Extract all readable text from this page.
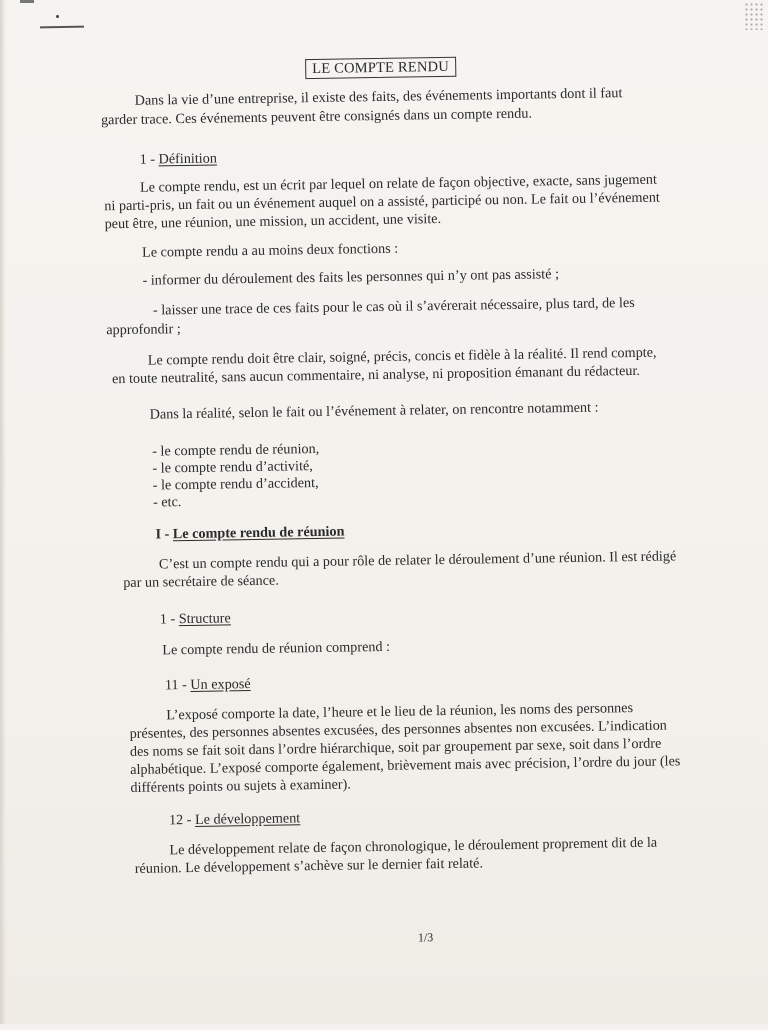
LE COMPTE RENDU
Dans la vie d’une entreprise, il existe des faits, des événements importants dont il faut
garder trace. Ces événements peuvent être consignés dans un compte rendu.
1 - Définition
Le compte rendu, est un écrit par lequel on relate de façon objective, exacte, sans jugement
ni parti-pris, un fait ou un événement auquel on a assisté, participé ou non. Le fait ou l’événement
peut être, une réunion, une mission, un accident, une visite.
Le compte rendu a au moins deux fonctions :
- informer du déroulement des faits les personnes qui n’y ont pas assisté ;
- laisser une trace de ces faits pour le cas où il s’avérerait nécessaire, plus tard, de les
approfondir ;
Le compte rendu doit être clair, soigné, précis, concis et fidèle à la réalité. Il rend compte,
en toute neutralité, sans aucun commentaire, ni analyse, ni proposition émanant du rédacteur.
Dans la réalité, selon le fait ou l’événement à relater, on rencontre notamment :
- le compte rendu de réunion,
- le compte rendu d’activité,
- le compte rendu d’accident,
- etc.
I - Le compte rendu de réunion
C’est un compte rendu qui a pour rôle de relater le déroulement d’une réunion. Il est rédigé
par un secrétaire de séance.
1 - Structure
Le compte rendu de réunion comprend :
11 - Un exposé
L’exposé comporte la date, l’heure et le lieu de la réunion, les noms des personnes
présentes, des personnes absentes excusées, des personnes absentes non excusées. L’indication
des noms se fait soit dans l’ordre hiérarchique, soit par groupement par sexe, soit dans l’ordre
alphabétique. L’exposé comporte également, brièvement mais avec précision, l’ordre du jour (les
différents points ou sujets à examiner).
12 - Le développement
Le développement relate de façon chronologique, le déroulement proprement dit de la
réunion. Le développement s’achève sur le dernier fait relaté.
1/3
